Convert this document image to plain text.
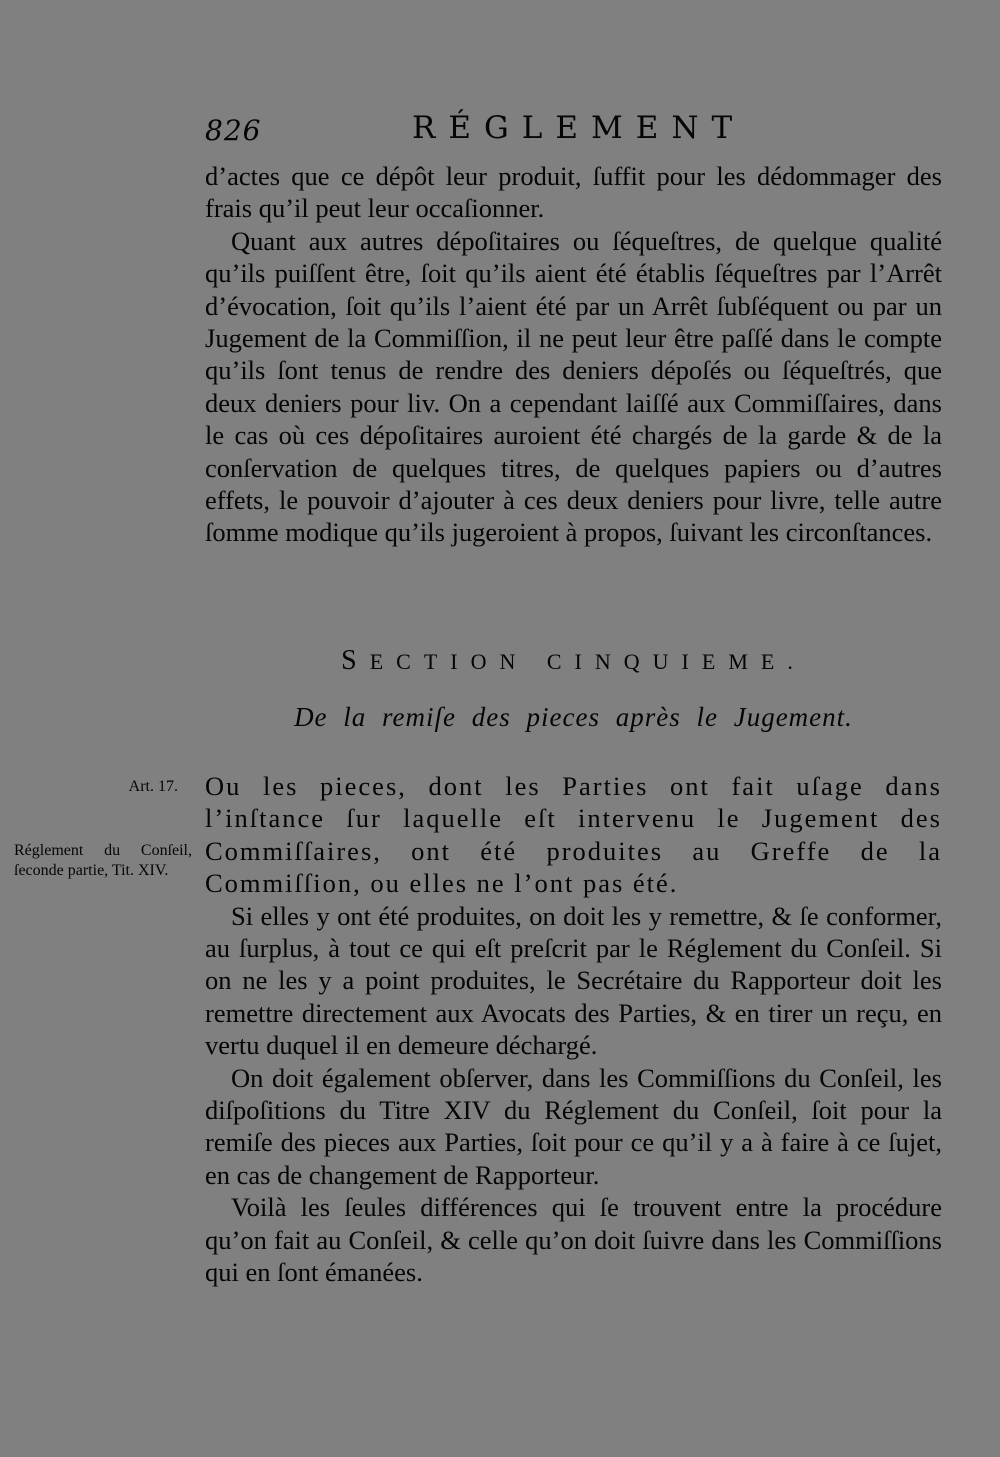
826	RÉGLEMENT

d’actes que ce dépôt leur produit, ſuffit pour les dédommager des frais qu’il peut leur occaſionner.

Quant aux autres dépoſitaires ou ſéqueſtres, de quelque qualité qu’ils puiſſent être, ſoit qu’ils aient été établis ſéqueſtres par l’Arrêt d’évocation, ſoit qu’ils l’aient été par un Arrêt ſubſéquent ou par un Jugement de la Commiſſion, il ne peut leur être paſſé dans le compte qu’ils ſont tenus de rendre des deniers dépoſés ou ſéqueſtrés, que deux deniers pour liv. On a cependant laiſſé aux Commiſſaires, dans le cas où ces dépoſitaires auroient été chargés de la garde & de la conſervation de quelques titres, de quelques papiers ou d’autres effets, le pouvoir d’ajouter à ces deux deniers pour livre, telle autre ſomme modique qu’ils jugeroient à propos, ſuivant les circonſtances.

SECTION CINQUIEME.
De la remiſe des pieces après le Jugement.
Art. 17.
Réglement du Conſeil, ſeconde partie, Tit. XIV.

Ou les pieces, dont les Parties ont fait uſage dans l’inſtance ſur laquelle eſt intervenu le Jugement des Commiſſaires, ont été produites au Greffe de la Commiſſion, ou elles ne l’ont pas été.

Si elles y ont été produites, on doit les y remettre, & ſe conformer, au ſurplus, à tout ce qui eſt preſcrit par le Réglement du Conſeil. Si on ne les y a point produites, le Secrétaire du Rapporteur doit les remettre directement aux Avocats des Parties, & en tirer un reçu, en vertu duquel il en demeure déchargé.

On doit également obſerver, dans les Commiſſions du Conſeil, les diſpoſitions du Titre XIV du Réglement du Conſeil, ſoit pour la remiſe des pieces aux Parties, ſoit pour ce qu’il y a à faire à ce ſujet, en cas de changement de Rapporteur.

Voilà les ſeules différences qui ſe trouvent entre la procédure qu’on fait au Conſeil, & celle qu’on doit ſuivre dans les Commiſſions qui en ſont émanées.
